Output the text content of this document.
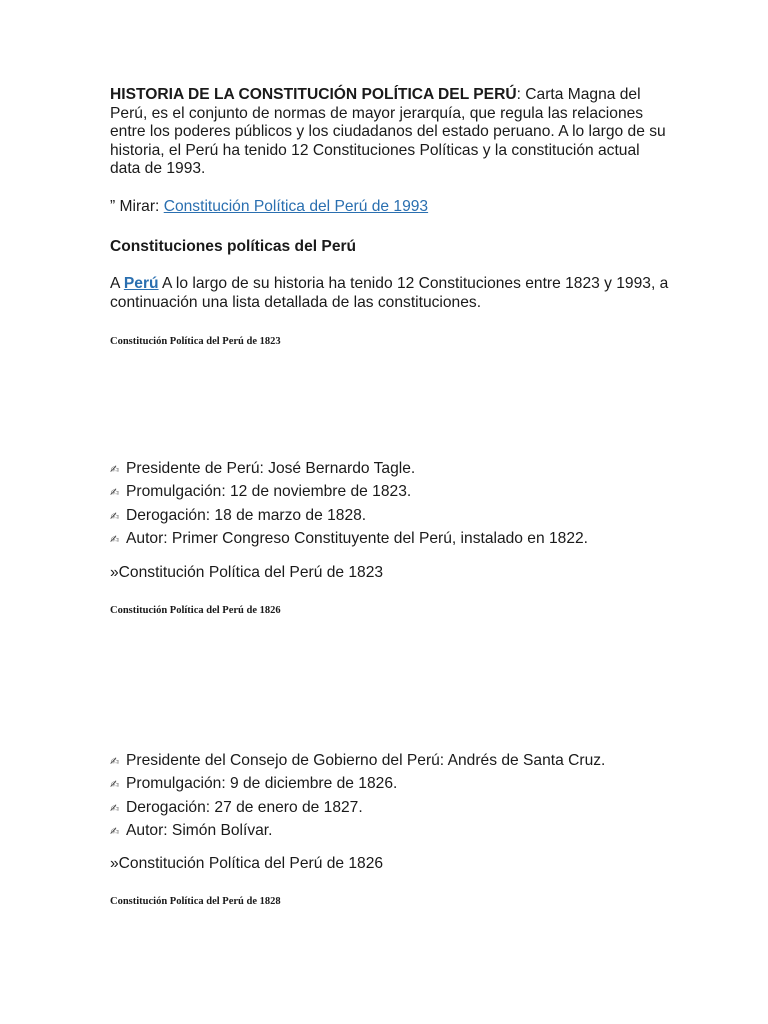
HISTORIA DE LA CONSTITUCIÓN POLÍTICA DEL PERÚ: Carta Magna del Perú, es el conjunto de normas de mayor jerarquía, que regula las relaciones entre los poderes públicos y los ciudadanos del estado peruano. A lo largo de su historia, el Perú ha tenido 12 Constituciones Políticas y la constitución actual data de 1993.

” Mirar: Constitución Política del Perú de 1993

Constituciones políticas del Perú

A Perú A lo largo de su historia ha tenido 12 Constituciones entre 1823 y 1993, a continuación una lista detallada de las constituciones.

Constitución Política del Perú de 1823

✍ Presidente de Perú: José Bernardo Tagle.
✍ Promulgación: 12 de noviembre de 1823.
✍ Derogación: 18 de marzo de 1828.
✍ Autor: Primer Congreso Constituyente del Perú, instalado en 1822.

»Constitución Política del Perú de 1823

Constitución Política del Perú de 1826

✍ Presidente del Consejo de Gobierno del Perú: Andrés de Santa Cruz.
✍ Promulgación: 9 de diciembre de 1826.
✍ Derogación: 27 de enero de 1827.
✍ Autor: Simón Bolívar.

»Constitución Política del Perú de 1826

Constitución Política del Perú de 1828
